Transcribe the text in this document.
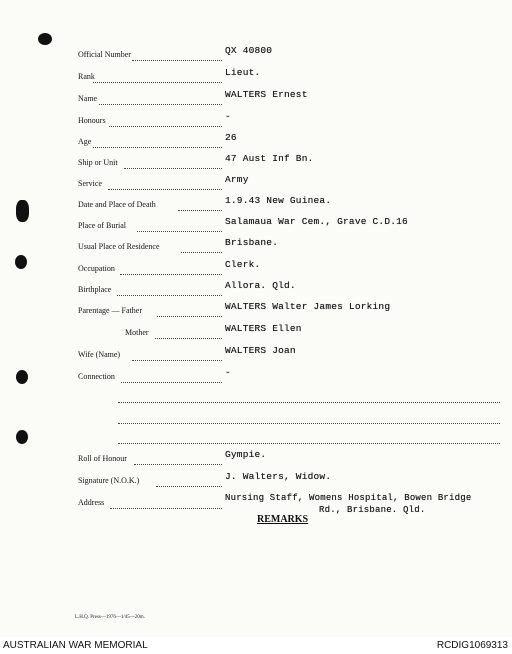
Official Number	QX 40800
Rank	Lieut.
Name	WALTERS Ernest
Honours	-
Age	26
Ship or Unit	47 Aust Inf Bn.
Service	Army
Date and Place of Death	1.9.43 New Guinea.
Place of Burial	Salamaua War Cem., Grave C.D.16
Usual Place of Residence	Brisbane.
Occupation	Clerk.
Birthplace	Allora. Qld.
Parentage — Father	WALTERS Walter James Lorking
Mother	WALTERS Ellen
Wife (Name)	WALTERS Joan
Connection	-
Roll of Honour	Gympie.
Signature (N.O.K.)	J. Walters, Widow.
Address	Nursing Staff, Womens Hospital, Bowen Bridge
Rd., Brisbane. Qld.
REMARKS
L.H.Q. Press—1976—1/45—20m.
AUSTRALIAN WAR MEMORIAL	RCDIG1069313
